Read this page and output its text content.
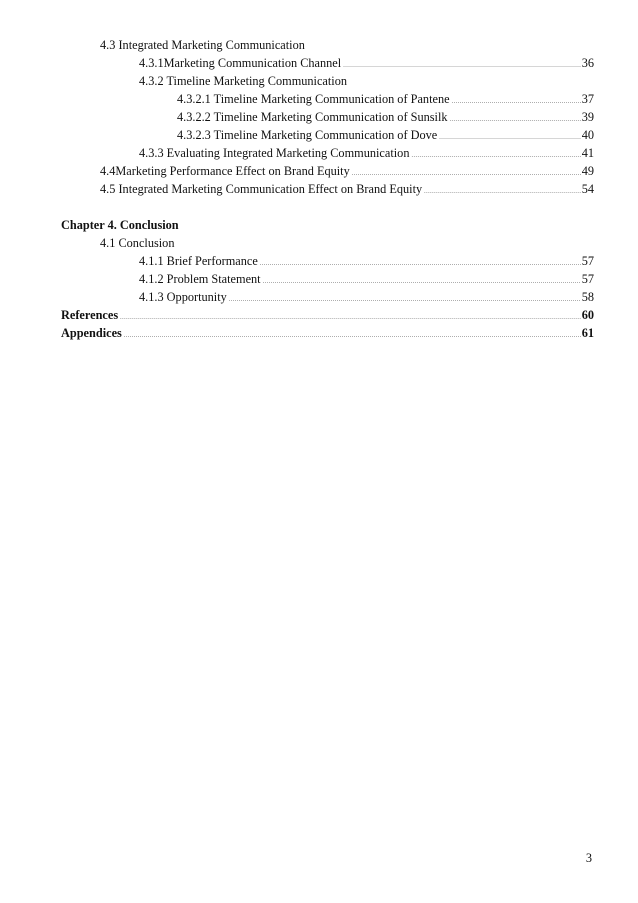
4.3 Integrated Marketing Communication
4.3.1Marketing Communication Channel .....	36
4.3.2 Timeline Marketing Communication
4.3.2.1 Timeline Marketing Communication of Pantene .....	37
4.3.2.2 Timeline Marketing Communication of Sunsilk .....	39
4.3.2.3 Timeline Marketing Communication of Dove .....	40
4.3.3 Evaluating Integrated Marketing Communication .....	41
4.4Marketing Performance Effect on Brand Equity .....	49
4.5 Integrated Marketing Communication Effect on Brand Equity .....	54
Chapter 4. Conclusion
4.1 Conclusion
4.1.1 Brief Performance .....	57
4.1.2 Problem Statement .....	57
4.1.3 Opportunity .....	58
References .....	60
Appendices .....	61
3
